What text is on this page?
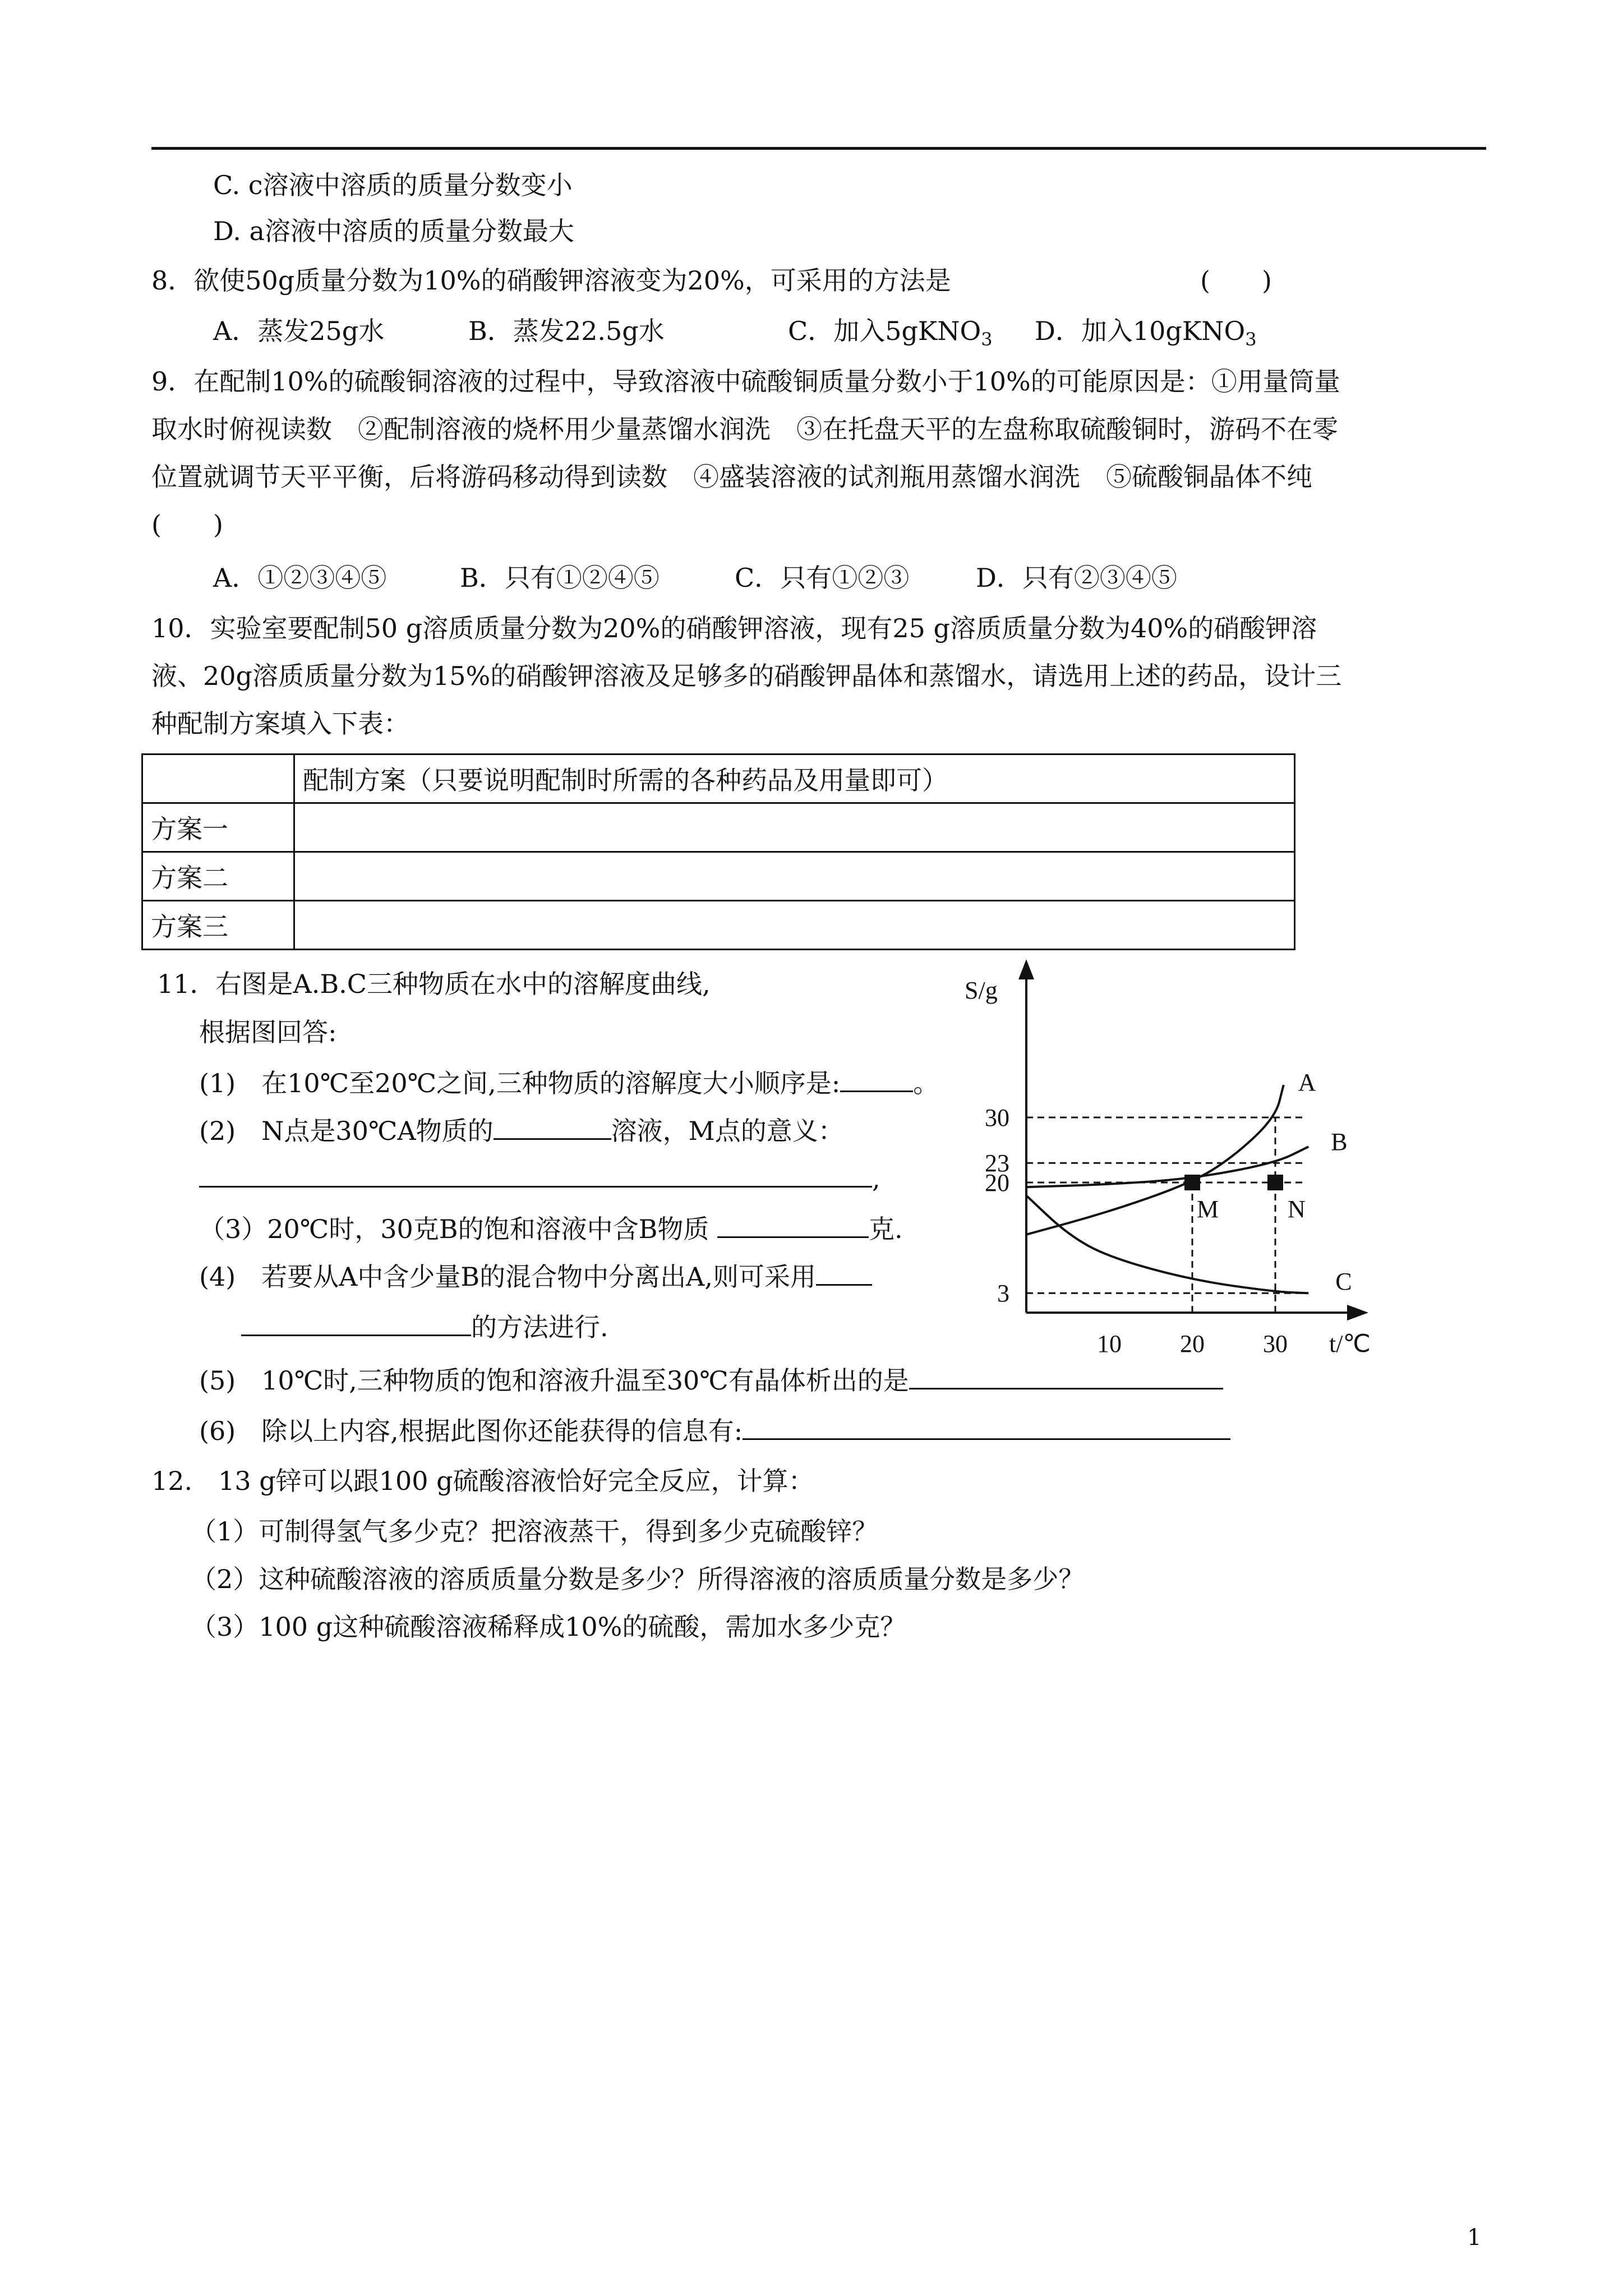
C. c溶液中溶质的质量分数变小
D. a溶液中溶质的质量分数最大
8．欲使50g质量分数为10%的硝酸钾溶液变为20%，可采用的方法是	(　　)
A．蒸发25g水	B．蒸发22.5g水	C．加入5gKNO$_3$ D．加入10gKNO$_3$
9．在配制10%的硫酸铜溶液的过程中，导致溶液中硫酸铜质量分数小于10%的可能原因是：①用量筒量
取水时俯视读数　②配制溶液的烧杯用少量蒸馏水润洗　③在托盘天平的左盘称取硫酸铜时，游码不在零
位置就调节天平平衡，后将游码移动得到读数　④盛装溶液的试剂瓶用蒸馏水润洗　⑤硫酸铜晶体不纯
(　　)
A．①②③④⑤	B．只有①②④⑤	C．只有①②③	D．只有②③④⑤
10．实验室要配制50 g溶质质量分数为20%的硝酸钾溶液，现有25 g溶质质量分数为40%的硝酸钾溶
液、20g溶质质量分数为15%的硝酸钾溶液及足够多的硝酸钾晶体和蒸馏水，请选用上述的药品，设计三
种配制方案填入下表：
	配制方案（只要说明配制时所需的各种药品及用量即可）
方案一	
方案二	
方案三	
11．右图是A.B.C三种物质在水中的溶解度曲线,
根据图回答:
(1)　在10℃至20℃之间,三种物质的溶解度大小顺序是:	。
(2)　N点是30℃A物质的	溶液，M点的意义：
,
（3）20℃时，30克B的饱和溶液中含B物质	克.
(4)　若要从A中含少量B的混合物中分离出A,则可采用
的方法进行.
(5)　10℃时,三种物质的饱和溶液升温至30℃有晶体析出的是
(6)　除以上内容,根据此图你还能获得的信息有:
3
20
23
30
10 20 30
A
B
C
M	N
S/g
t/℃
12.　13 g锌可以跟100 g硫酸溶液恰好完全反应，计算：
（1）可制得氢气多少克？把溶液蒸干，得到多少克硫酸锌？
（2）这种硫酸溶液的溶质质量分数是多少？所得溶液的溶质质量分数是多少？
（3）100 g这种硫酸溶液稀释成10%的硫酸，需加水多少克？
1
